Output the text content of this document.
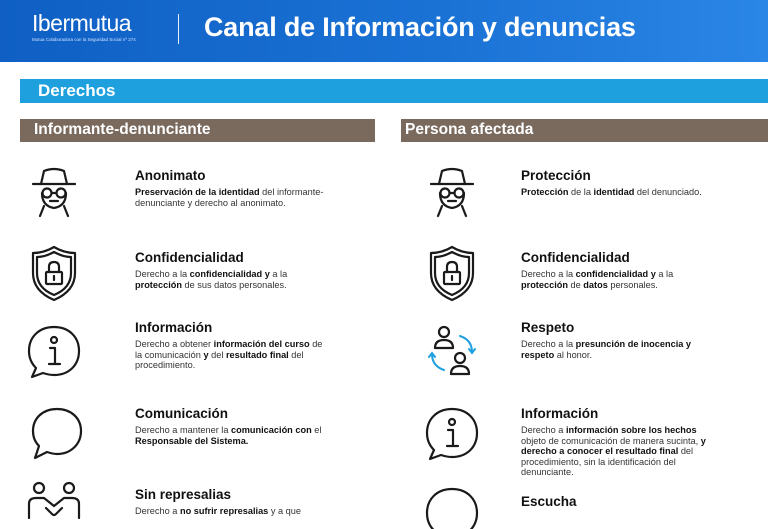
Ibermutua
Mutua Colaboradora con la Seguridad Social nº 274	Canal de Información y denuncias
Derechos
Informante-denunciante	Persona afectada
Anonimato
Preservación de la identidad del informante-denunciante y derecho al anonimato.
Confidencialidad
Derecho a la confidencialidad y a la protección de sus datos personales.
Información
Derecho a obtener información del curso de la comunicación y del resultado final del procedimiento.
Comunicación
Derecho a mantener la comunicación con el Responsable del Sistema.
Sin represalias
Derecho a no sufrir represalias y a que
Protección
Protección de la identidad del denunciado.
Confidencialidad
Derecho a la confidencialidad y a la protección de datos personales.
Respeto
Derecho a la presunción de inocencia y respeto al honor.
Información
Derecho a información sobre los hechos objeto de comunicación de manera sucinta, y derecho a conocer el resultado final del procedimiento, sin la identificación del denunciante.
Escucha
